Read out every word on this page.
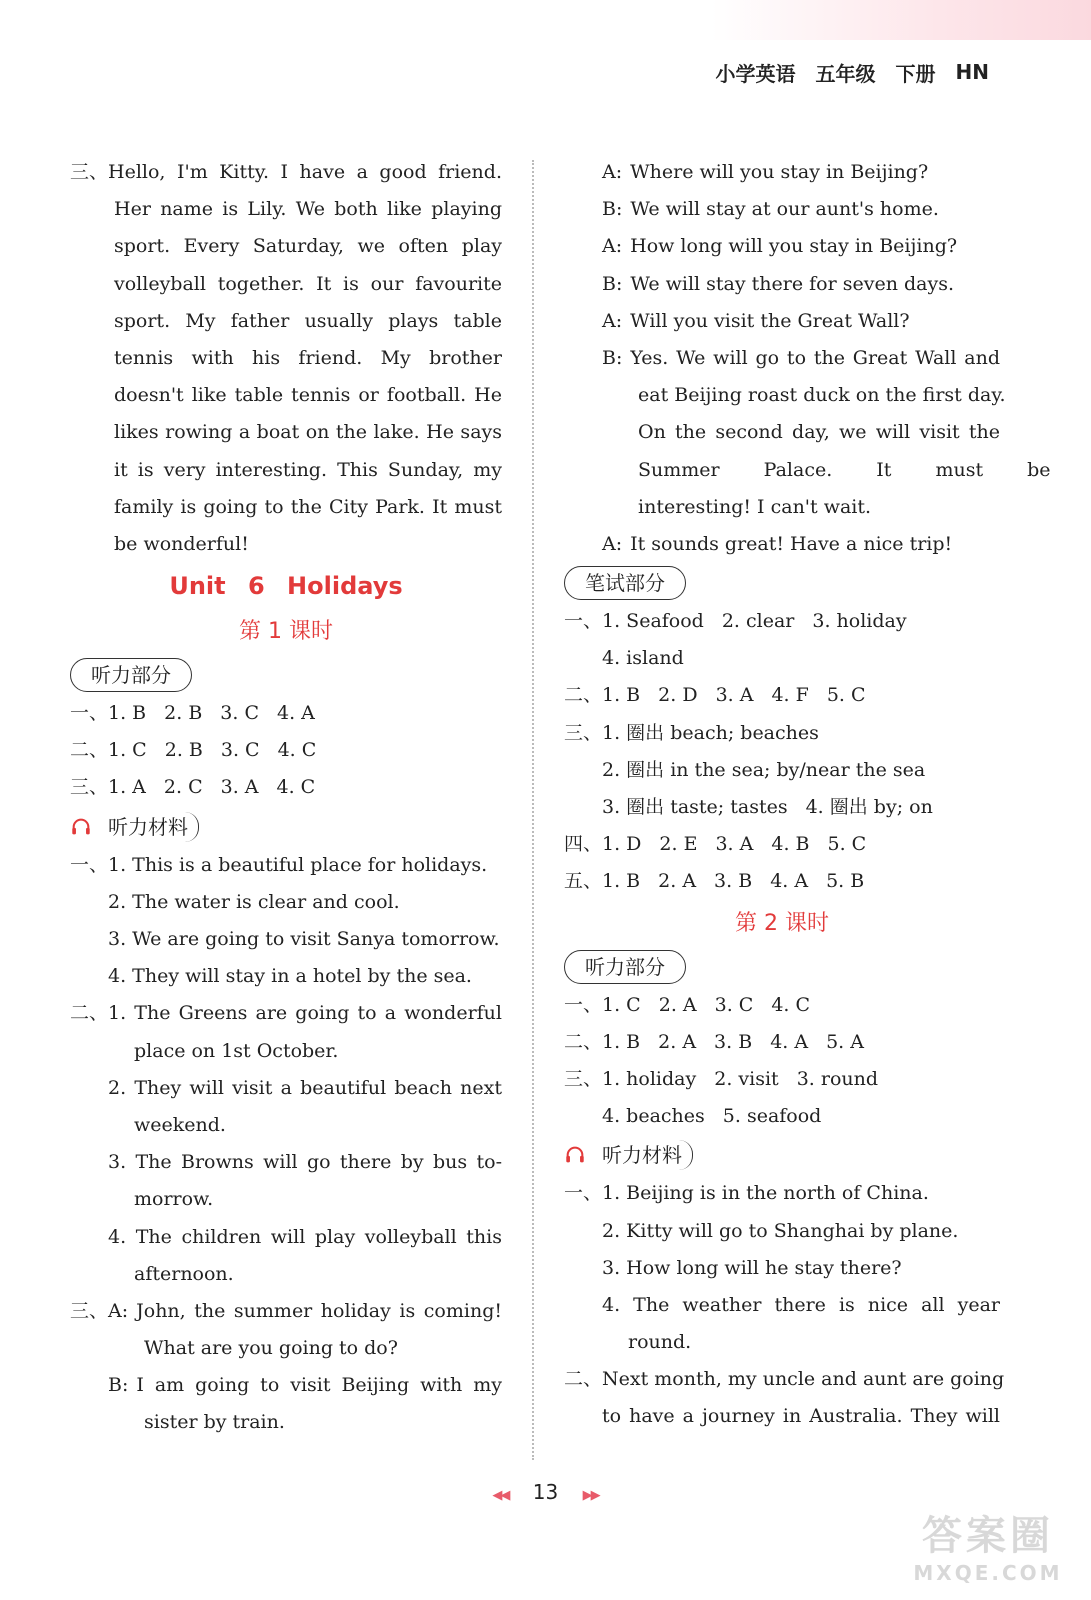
小学英语 五年级 下册 HN
三、 Hello, I'm Kitty. I have a good friend.
Her name is Lily. We both like playing
sport. Every Saturday, we often play
volleyball together. It is our favourite
sport. My father usually plays table
tennis with his friend. My brother
doesn't like table tennis or football. He
likes rowing a boat on the lake. He says
it is very interesting. This Sunday, my
family is going to the City Park. It must
be wonderful!
Unit 6 Holidays
第 1 课时
听力部分
一、 1. B 2. B 3. C 4. A
二、 1. C 2. B 3. C 4. C
三、 1. A 2. C 3. A 4. C
听力材料
一、 1. This is a beautiful place for holidays.
2. The water is clear and cool.
3. We are going to visit Sanya tomorrow.
4. They will stay in a hotel by the sea.
二、 1. The Greens are going to a wonderful
place on 1st October.
2. They will visit a beautiful beach next
weekend.
3. The Browns will go there by bus to-
morrow.
4. The children will play volleyball this
afternoon.
三、 A: John, the summer holiday is coming!
What are you going to do?
B: I am going to visit Beijing with my
sister by train.
A: Where will you stay in Beijing?
B: We will stay at our aunt's home.
A: How long will you stay in Beijing?
B: We will stay there for seven days.
A: Will you visit the Great Wall?
B: Yes. We will go to the Great Wall and
eat Beijing roast duck on the first day.
On the second day, we will visit the
Summer Palace. It must be
interesting! I can't wait.
A: It sounds great! Have a nice trip!
笔试部分
一、 1. Seafood 2. clear 3. holiday
4. island
二、 1. B 2. D 3. A 4. F 5. C
三、 1. 圈出 beach; beaches
2. 圈出 in the sea; by/near the sea
3. 圈出 taste; tastes 4. 圈出 by; on
四、 1. D 2. E 3. A 4. B 5. C
五、 1. B 2. A 3. B 4. A 5. B
第 2 课时
听力部分
一、 1. C 2. A 3. C 4. C
二、 1. B 2. A 3. B 4. A 5. A
三、 1. holiday 2. visit 3. round
4. beaches 5. seafood
听力材料
一、 1. Beijing is in the north of China.
2. Kitty will go to Shanghai by plane.
3. How long will he stay there?
4. The weather there is nice all year
round.
二、 Next month, my uncle and aunt are going
to have a journey in Australia. They will
◀◀ 13 ▶▶
答案圈
MXQE.COM
